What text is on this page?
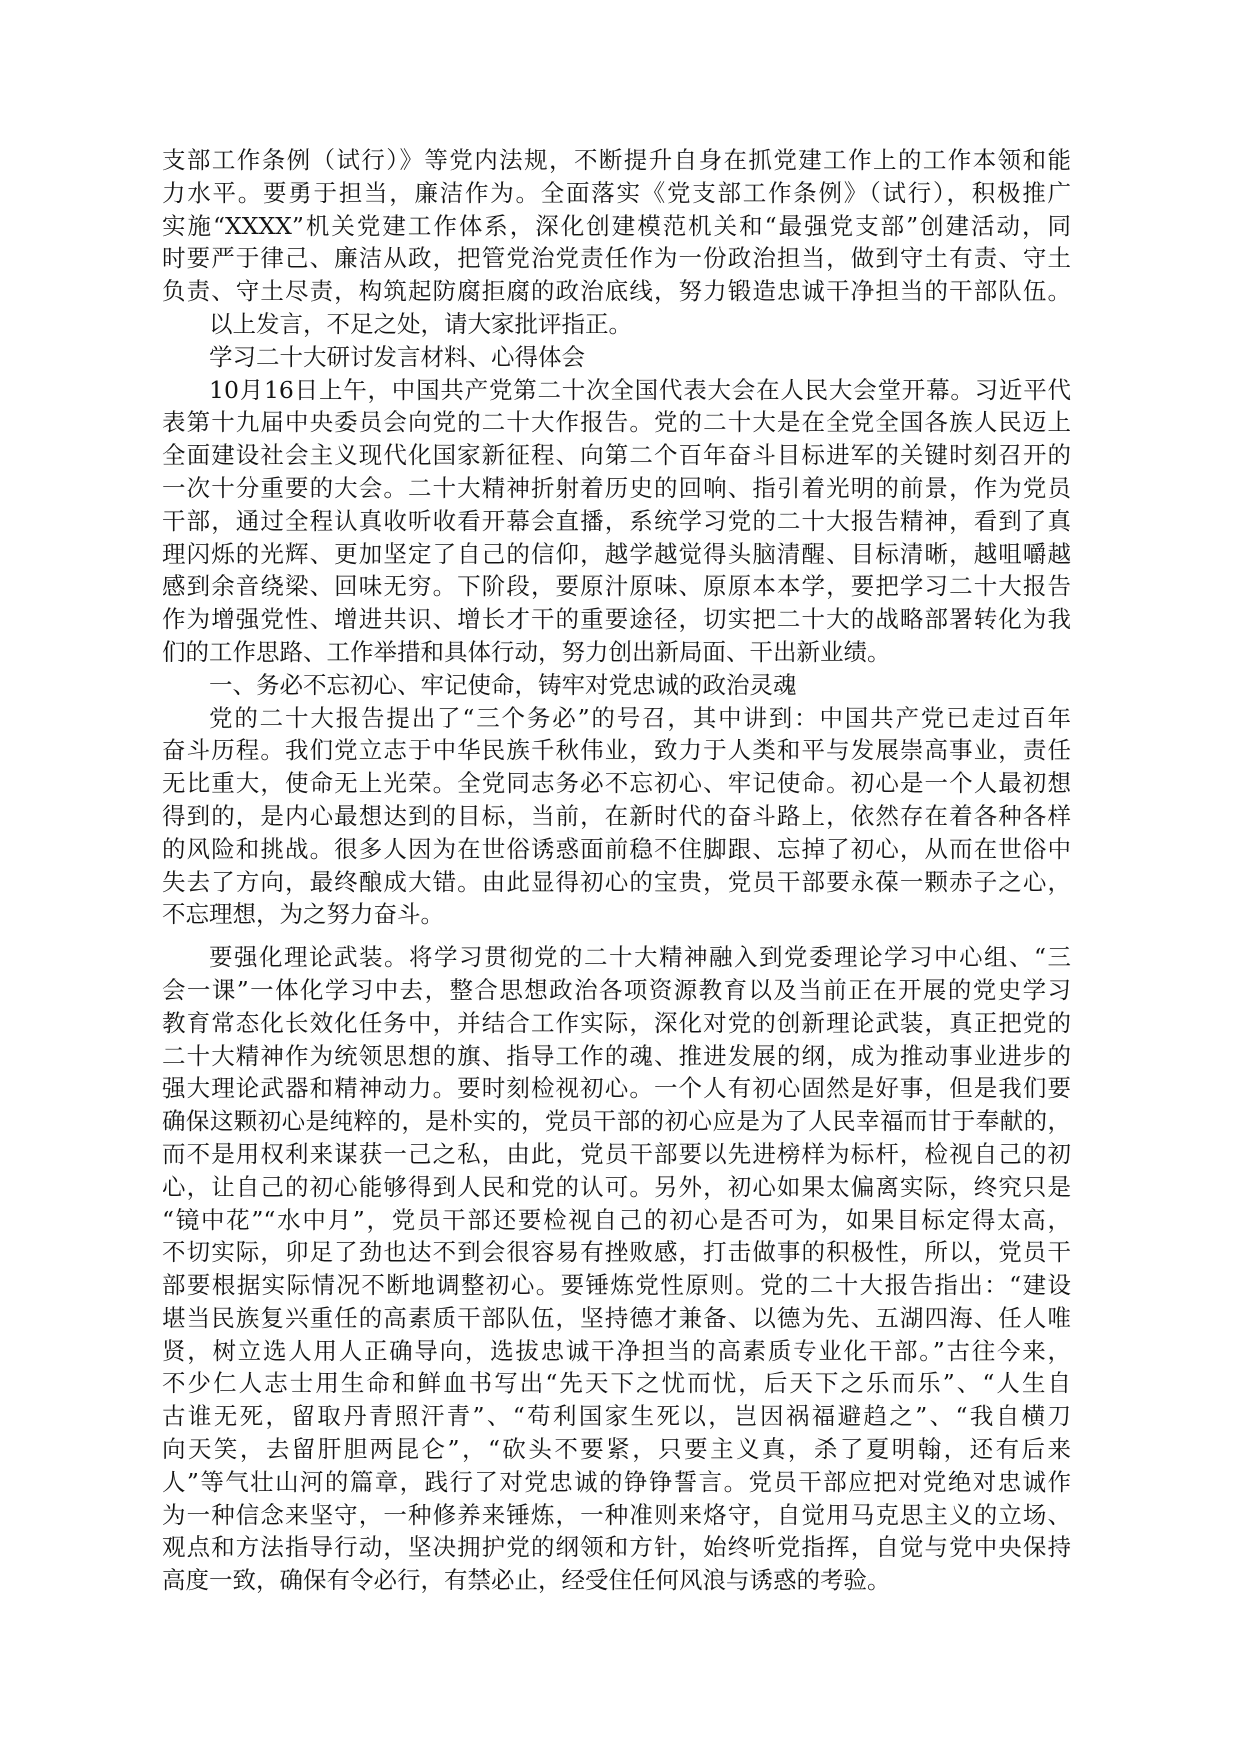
支部工作条例（试行）》等党内法规，不断提升自身在抓党建工作上的工作本领和能
力水平。要勇于担当，廉洁作为。全面落实《党支部工作条例》（试行），积极推广
实施“XXXX”机关党建工作体系，深化创建模范机关和“最强党支部”创建活动，同
时要严于律己、廉洁从政，把管党治党责任作为一份政治担当，做到守土有责、守土
负责、守土尽责，构筑起防腐拒腐的政治底线，努力锻造忠诚干净担当的干部队伍。
以上发言，不足之处，请大家批评指正。
学习二十大研讨发言材料、心得体会
10月16日上午，中国共产党第二十次全国代表大会在人民大会堂开幕。习近平代
表第十九届中央委员会向党的二十大作报告。党的二十大是在全党全国各族人民迈上
全面建设社会主义现代化国家新征程、向第二个百年奋斗目标进军的关键时刻召开的
一次十分重要的大会。二十大精神折射着历史的回响、指引着光明的前景，作为党员
干部，通过全程认真收听收看开幕会直播，系统学习党的二十大报告精神，看到了真
理闪烁的光辉、更加坚定了自己的信仰，越学越觉得头脑清醒、目标清晰，越咀嚼越
感到余音绕梁、回味无穷。下阶段，要原汁原味、原原本本学，要把学习二十大报告
作为增强党性、增进共识、增长才干的重要途径，切实把二十大的战略部署转化为我
们的工作思路、工作举措和具体行动，努力创出新局面、干出新业绩。
一、务必不忘初心、牢记使命，铸牢对党忠诚的政治灵魂
党的二十大报告提出了“三个务必”的号召，其中讲到：中国共产党已走过百年
奋斗历程。我们党立志于中华民族千秋伟业，致力于人类和平与发展崇高事业，责任
无比重大，使命无上光荣。全党同志务必不忘初心、牢记使命。初心是一个人最初想
得到的，是内心最想达到的目标，当前，在新时代的奋斗路上，依然存在着各种各样
的风险和挑战。很多人因为在世俗诱惑面前稳不住脚跟、忘掉了初心，从而在世俗中
失去了方向，最终酿成大错。由此显得初心的宝贵，党员干部要永葆一颗赤子之心，
不忘理想，为之努力奋斗。
要强化理论武装。将学习贯彻党的二十大精神融入到党委理论学习中心组、“三
会一课”一体化学习中去，整合思想政治各项资源教育以及当前正在开展的党史学习
教育常态化长效化任务中，并结合工作实际，深化对党的创新理论武装，真正把党的
二十大精神作为统领思想的旗、指导工作的魂、推进发展的纲，成为推动事业进步的
强大理论武器和精神动力。要时刻检视初心。一个人有初心固然是好事，但是我们要
确保这颗初心是纯粹的，是朴实的，党员干部的初心应是为了人民幸福而甘于奉献的，
而不是用权利来谋获一己之私，由此，党员干部要以先进榜样为标杆，检视自己的初
心，让自己的初心能够得到人民和党的认可。另外，初心如果太偏离实际，终究只是
“镜中花”“水中月”，党员干部还要检视自己的初心是否可为，如果目标定得太高，
不切实际，卯足了劲也达不到会很容易有挫败感，打击做事的积极性，所以，党员干
部要根据实际情况不断地调整初心。要锤炼党性原则。党的二十大报告指出：“建设
堪当民族复兴重任的高素质干部队伍，坚持德才兼备、以德为先、五湖四海、任人唯
贤，树立选人用人正确导向，选拔忠诚干净担当的高素质专业化干部。”古往今来，
不少仁人志士用生命和鲜血书写出“先天下之忧而忧，后天下之乐而乐”、“人生自
古谁无死，留取丹青照汗青”、“苟利国家生死以，岂因祸福避趋之”、“我自横刀
向天笑，去留肝胆两昆仑”，“砍头不要紧，只要主义真，杀了夏明翰，还有后来
人”等气壮山河的篇章，践行了对党忠诚的铮铮誓言。党员干部应把对党绝对忠诚作
为一种信念来坚守，一种修养来锤炼，一种准则来烙守，自觉用马克思主义的立场、
观点和方法指导行动，坚决拥护党的纲领和方针，始终听党指挥，自觉与党中央保持
高度一致，确保有令必行，有禁必止，经受住任何风浪与诱惑的考验。
